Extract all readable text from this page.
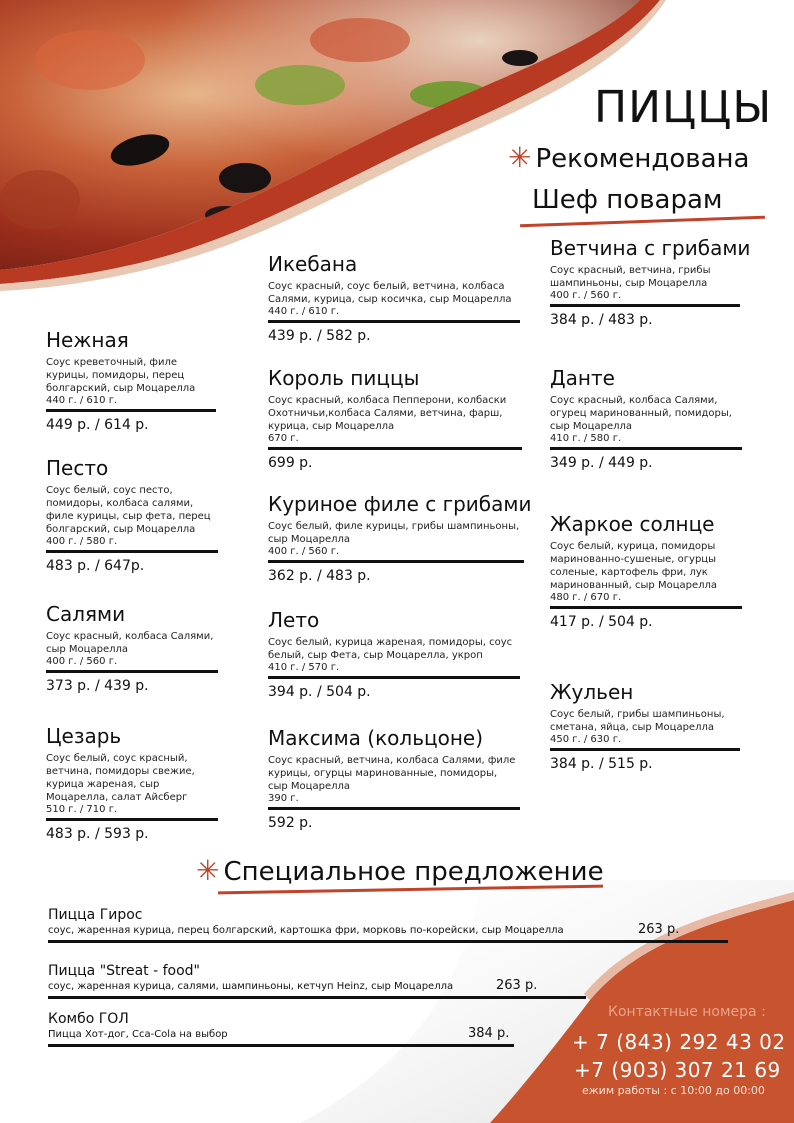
ПИЦЦЫ
✳ Рекомендована
Шеф поварам
Нежная
Соус креветочный, филе курицы, помидоры, перец болгарский, сыр Моцарелла
440 г. / 610 г.
449 р. / 614 р.
Песто
Соус белый, соус песто, помидоры, колбаса салями, филе курицы, сыр фета, перец болгарский, сыр Моцарелла
400 г. / 580 г.
483 р. / 647р.
Салями
Соус красный, колбаса Салями, сыр Моцарелла
400 г. / 560 г.
373 р. / 439 р.
Цезарь
Соус белый, соус красный, ветчина, помидоры свежие, курица жареная, сыр Моцарелла, салат Айсберг
510 г. / 710 г.
483 р. / 593 р.
Икебана
Соус красный, соус белый, ветчина, колбаса Салями, курица, сыр косичка, сыр Моцарелла
440 г. / 610 г.
439 р. / 582 р.
Король пиццы
Соус красный, колбаса Пепперони, колбаски Охотничьи,колбаса Салями, ветчина, фарш, курица, сыр Моцарелла
670 г.
699 р.
Куриное филе с грибами
Соус белый, филе курицы, грибы шампиньоны, сыр Моцарелла
400 г. / 560 г.
362 р. / 483 р.
Лето
Соус белый, курица жареная, помидоры, соус белый, сыр Фета, сыр Моцарелла, укроп
410 г. / 570 г.
394 р. / 504 р.
Максима (кольцоне)
Соус красный, ветчина, колбаса Салями, филе курицы, огурцы маринованные, помидоры, сыр Моцарелла
390 г.
592 р.
Ветчина с грибами
Соус красный, ветчина, грибы шампиньоны, сыр Моцарелла
400 г. / 560 г.
384 р. / 483 р.
Данте
Соус красный, колбаса Салями, огурец маринованный, помидоры, сыр Моцарелла
410 г. / 580 г.
349 р. / 449 р.
Жаркое солнце
Соус белый, курица, помидоры маринованно-сушеные, огурцы соленые, картофель фри, лук маринованный, сыр Моцарелла
480 г. / 670 г.
417 р. / 504 р.
Жульен
Соус белый, грибы шампиньоны, сметана, яйца, сыр Моцарелла
450 г. / 630 г.
384 р. / 515 р.
✳ Специальное предложение
Пицца Гирос
соус, жаренная курица, перец болгарский, картошка фри, морковь по-корейски, сыр Моцарелла	263 р.
Пицца "Streat - food"
соус, жаренная курица, салями, шампиньоны, кетчуп Heinz, сыр Моцарелла	263 р.
Комбо ГОЛ
Пицца Хот-дог, Cca-Cola на выбор	384 р.
Контактные номера :
+ 7 (843) 292 43 02
+7 (903) 307 21 69
ежим работы : с 10:00 до 00:00
